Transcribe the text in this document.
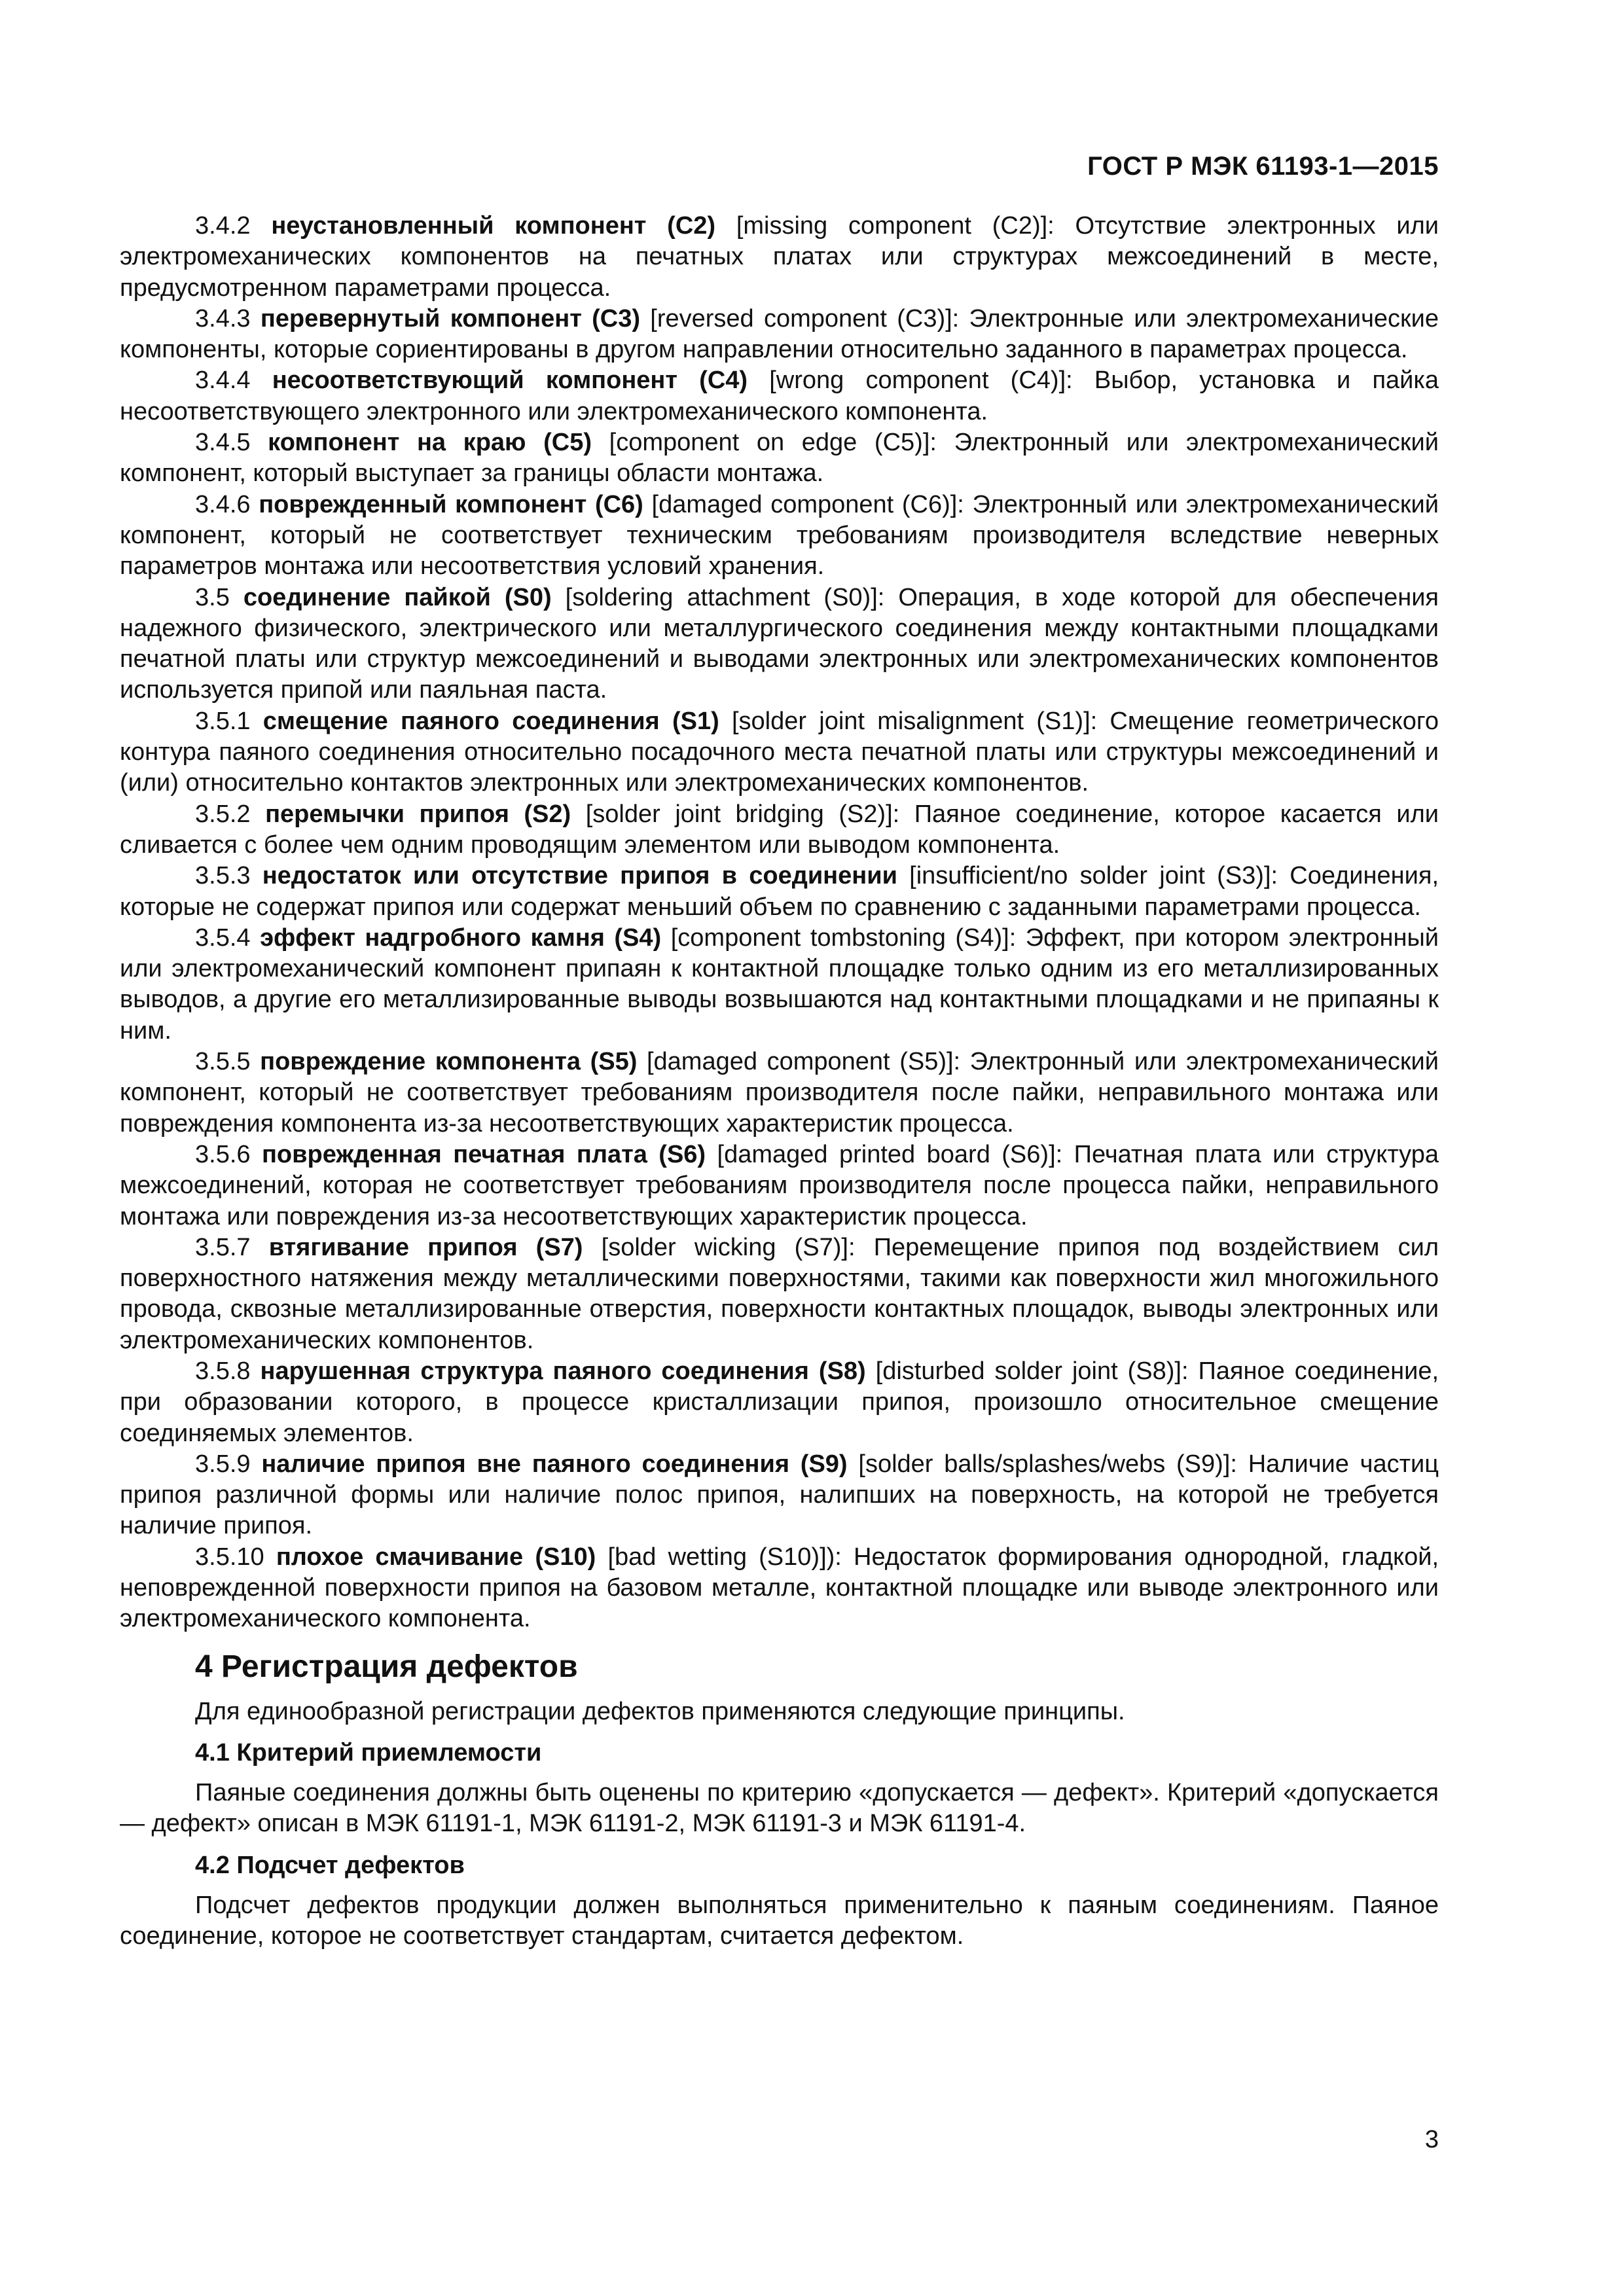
ГОСТ Р МЭК 61193-1—2015

3.4.2 неустановленный компонент (С2) [missing component (C2)]: Отсутствие электронных или электромеханических компонентов на печатных платах или структурах межсоединений в месте, предусмотренном параметрами процесса.

3.4.3 перевернутый компонент (С3) [reversed component (C3)]: Электронные или электромеханические компоненты, которые сориентированы в другом направлении относительно заданного в параметрах процесса.

3.4.4 несоответствующий компонент (С4) [wrong component (C4)]: Выбор, установка и пайка несоответствующего электронного или электромеханического компонента.

3.4.5 компонент на краю (С5) [component on edge (C5)]: Электронный или электромеханический компонент, который выступает за границы области монтажа.

3.4.6 поврежденный компонент (С6) [damaged component (C6)]: Электронный или электромеханический компонент, который не соответствует техническим требованиям производителя вследствие неверных параметров монтажа или несоответствия условий хранения.

3.5 соединение пайкой (S0) [soldering attachment (S0)]: Операция, в ходе которой для обеспечения надежного физического, электрического или металлургического соединения между контактными площадками печатной платы или структур межсоединений и выводами электронных или электромеханических компонентов используется припой или паяльная паста.

3.5.1 смещение паяного соединения (S1) [solder joint misalignment (S1)]: Смещение геометрического контура паяного соединения относительно посадочного места печатной платы или структуры межсоединений и (или) относительно контактов электронных или электромеханических компонентов.

3.5.2 перемычки припоя (S2) [solder joint bridging (S2)]: Паяное соединение, которое касается или сливается с более чем одним проводящим элементом или выводом компонента.

3.5.3 недостаток или отсутствие припоя в соединении [insufficient/no solder joint (S3)]: Соединения, которые не содержат припоя или содержат меньший объем по сравнению с заданными параметрами процесса.

3.5.4 эффект надгробного камня (S4) [component tombstoning (S4)]: Эффект, при котором электронный или электромеханический компонент припаян к контактной площадке только одним из его металлизированных выводов, а другие его металлизированные выводы возвышаются над контактными площадками и не припаяны к ним.

3.5.5 повреждение компонента (S5) [damaged component (S5)]: Электронный или электромеханический компонент, который не соответствует требованиям производителя после пайки, неправильного монтажа или повреждения компонента из-за несоответствующих характеристик процесса.

3.5.6 поврежденная печатная плата (S6) [damaged printed board (S6)]: Печатная плата или структура межсоединений, которая не соответствует требованиям производителя после процесса пайки, неправильного монтажа или повреждения из-за несоответствующих характеристик процесса.

3.5.7 втягивание припоя (S7) [solder wicking (S7)]: Перемещение припоя под воздействием сил поверхностного натяжения между металлическими поверхностями, такими как поверхности жил многожильного провода, сквозные металлизированные отверстия, поверхности контактных площадок, выводы электронных или электромеханических компонентов.

3.5.8 нарушенная структура паяного соединения (S8) [disturbed solder joint (S8)]: Паяное соединение, при образовании которого, в процессе кристаллизации припоя, произошло относительное смещение соединяемых элементов.

3.5.9 наличие припоя вне паяного соединения (S9) [solder balls/splashes/webs (S9)]: Наличие частиц припоя различной формы или наличие полос припоя, налипших на поверхность, на которой не требуется наличие припоя.

3.5.10 плохое смачивание (S10) [bad wetting (S10)]): Недостаток формирования однородной, гладкой, неповрежденной поверхности припоя на базовом металле, контактной площадке или выводе электронного или электромеханического компонента.

4 Регистрация дефектов

Для единообразной регистрации дефектов применяются следующие принципы.

4.1 Критерий приемлемости

Паяные соединения должны быть оценены по критерию «допускается — дефект». Критерий «допускается — дефект» описан в МЭК 61191-1, МЭК 61191-2, МЭК 61191-3 и МЭК 61191-4.

4.2 Подсчет дефектов

Подсчет дефектов продукции должен выполняться применительно к паяным соединениям. Паяное соединение, которое не соответствует стандартам, считается дефектом.

3
